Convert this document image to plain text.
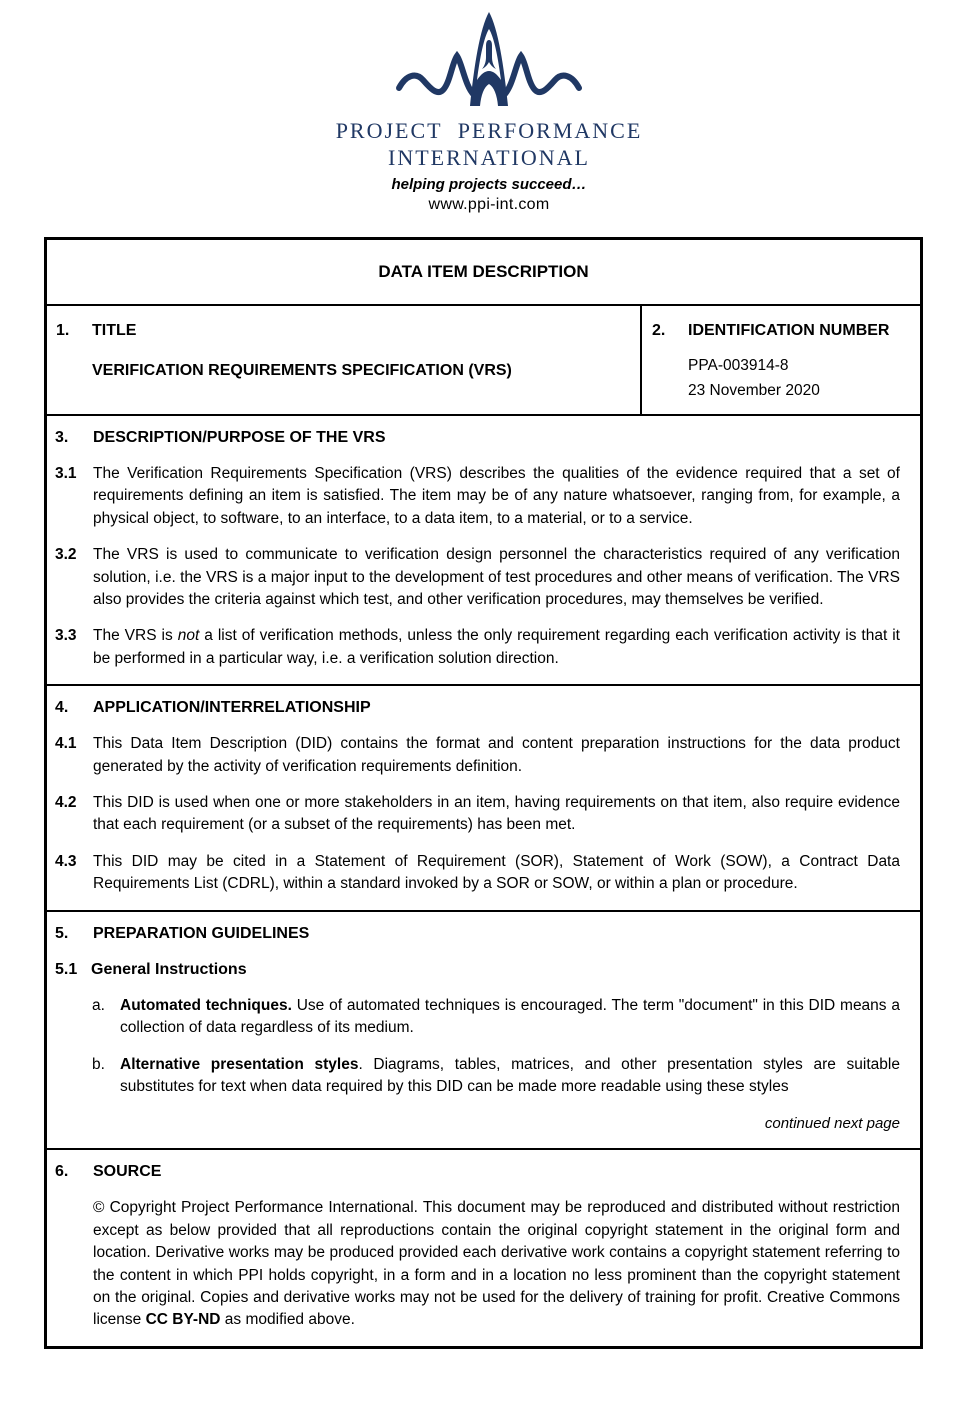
PROJECT PERFORMANCE
INTERNATIONAL
helping projects succeed…
www.ppi-int.com
DATA ITEM DESCRIPTION
1.	TITLE
VERIFICATION REQUIREMENTS SPECIFICATION (VRS)
2.	IDENTIFICATION NUMBER
PPA-003914-8
23 November 2020
3.	DESCRIPTION/PURPOSE OF THE VRS
3.1	The Verification Requirements Specification (VRS) describes the qualities of the evidence required that a set of requirements defining an item is satisfied. The item may be of any nature whatsoever, ranging from, for example, a physical object, to software, to an interface, to a data item, to a material, or to a service.
3.2	The VRS is used to communicate to verification design personnel the characteristics required of any verification solution, i.e. the VRS is a major input to the development of test procedures and other means of verification. The VRS also provides the criteria against which test, and other verification procedures, may themselves be verified.
3.3	The VRS is not a list of verification methods, unless the only requirement regarding each verification activity is that it be performed in a particular way, i.e. a verification solution direction.
4.	APPLICATION/INTERRELATIONSHIP
4.1	This Data Item Description (DID) contains the format and content preparation instructions for the data product generated by the activity of verification requirements definition.
4.2	This DID is used when one or more stakeholders in an item, having requirements on that item, also require evidence that each requirement (or a subset of the requirements) has been met.
4.3	This DID may be cited in a Statement of Requirement (SOR), Statement of Work (SOW), a Contract Data Requirements List (CDRL), within a standard invoked by a SOR or SOW, or within a plan or procedure.
5.	PREPARATION GUIDELINES
5.1 General Instructions
a. Automated techniques. Use of automated techniques is encouraged. The term "document" in this DID means a collection of data regardless of its medium.
b. Alternative presentation styles. Diagrams, tables, matrices, and other presentation styles are suitable substitutes for text when data required by this DID can be made more readable using these styles
continued next page
6.	SOURCE
© Copyright Project Performance International. This document may be reproduced and distributed without restriction except as below provided that all reproductions contain the original copyright statement in the original form and location. Derivative works may be produced provided each derivative work contains a copyright statement referring to the content in which PPI holds copyright, in a form and in a location no less prominent than the copyright statement on the original. Copies and derivative works may not be used for the delivery of training for profit. Creative Commons license CC BY-ND as modified above.
